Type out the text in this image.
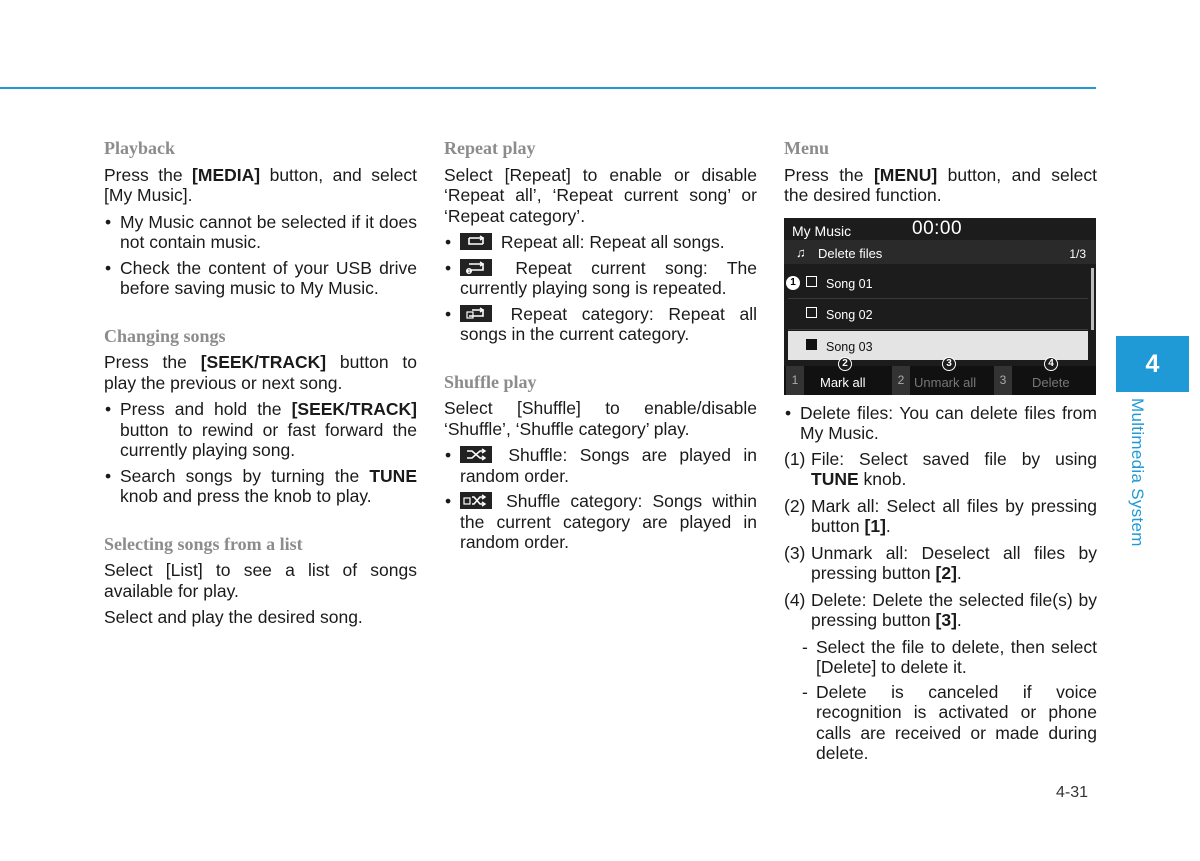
Playback
Press the [MEDIA] button, and select [My Music].
• My Music cannot be selected if it does not contain music.
• Check the content of your USB drive before saving music to My Music.
Changing songs
Press the [SEEK/TRACK] button to play the previous or next song.
• Press and hold the [SEEK/TRACK] button to rewind or fast forward the currently playing song.
• Search songs by turning the TUNE knob and press the knob to play.
Selecting songs from a list
Select [List] to see a list of songs available for play.
Select and play the desired song.
Repeat play
Select [Repeat] to enable or disable ‘Repeat all’, ‘Repeat current song’ or ‘Repeat category’.
• Repeat all: Repeat all songs.
• 1 Repeat current song: The currently playing song is repeated.
• Repeat category: Repeat all songs in the current category.
Shuffle play
Select [Shuffle] to enable/disable ‘Shuffle’, ‘Shuffle category’ play.
• Shuffle: Songs are played in random order.
• Shuffle category: Songs within the current category are played in random order.
Menu
Press the [MENU] button, and select the desired function.
My Music	00:00
♫ Delete files	1/3
Song 01
Song 02
Song 03
1
1	Mark all	2 Unmark all	3	Delete
2	3	4
• Delete files: You can delete files from My Music.
(1) File: Select saved file by using TUNE knob.
(2) Mark all: Select all files by pressing button [1].
(3) Unmark all: Deselect all files by pressing button [2].
(4) Delete: Delete the selected file(s) by pressing button [3].
- Select the file to delete, then select [Delete] to delete it.
- Delete is canceled if voice recognition is activated or phone calls are received or made during delete.
4-31
4
Multimedia System
